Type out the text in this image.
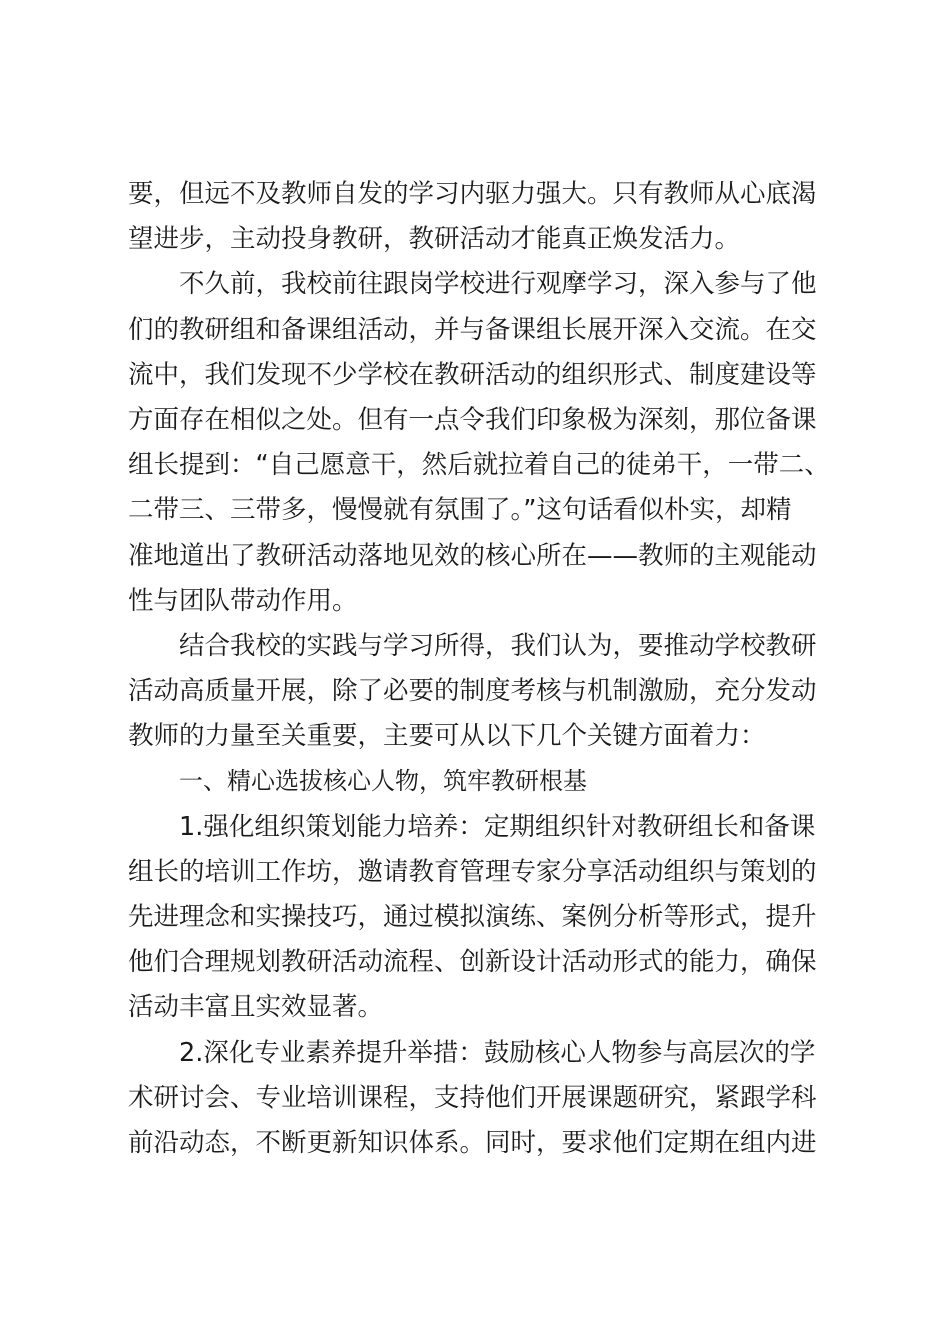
要，但远不及教师自发的学习内驱力强大。只有教师从心底渴
望进步，主动投身教研，教研活动才能真正焕发活力。
不久前，我校前往跟岗学校进行观摩学习，深入参与了他
们的教研组和备课组活动，并与备课组长展开深入交流。在交
流中，我们发现不少学校在教研活动的组织形式、制度建设等
方面存在相似之处。但有一点令我们印象极为深刻，那位备课
组长提到：“自己愿意干，然后就拉着自己的徒弟干，一带二、
二带三、三带多，慢慢就有氛围了。”这句话看似朴实，却精
准地道出了教研活动落地见效的核心所在——教师的主观能动
性与团队带动作用。
结合我校的实践与学习所得，我们认为，要推动学校教研
活动高质量开展，除了必要的制度考核与机制激励，充分发动
教师的力量至关重要，主要可从以下几个关键方面着力：
一、精心选拔核心人物，筑牢教研根基
1.强化组织策划能力培养：定期组织针对教研组长和备课
组长的培训工作坊，邀请教育管理专家分享活动组织与策划的
先进理念和实操技巧，通过模拟演练、案例分析等形式，提升
他们合理规划教研活动流程、创新设计活动形式的能力，确保
活动丰富且实效显著。
2.深化专业素养提升举措：鼓励核心人物参与高层次的学
术研讨会、专业培训课程，支持他们开展课题研究，紧跟学科
前沿动态，不断更新知识体系。同时，要求他们定期在组内进
